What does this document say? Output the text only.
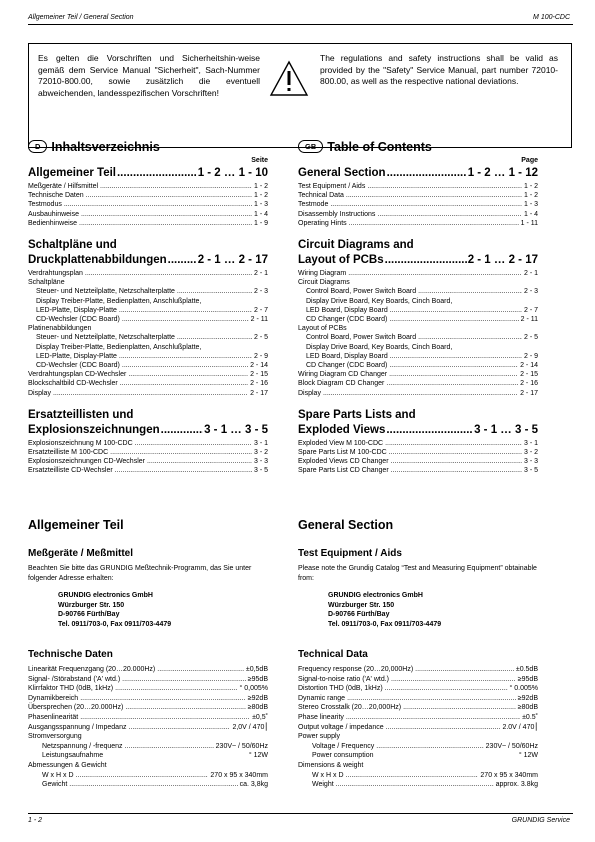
Allgemeiner Teil / General Section	M 100-CDC
Es gelten die Vorschriften und Sicherheitshin-weise gemäß dem Service Manual "Sicherheit", Sach-Nummer 72010-800.00, sowie zusätzlich die eventuell abweichenden, landesspezifischen Vorschriften!
The regulations and safety instructions shall be valid as provided by the "Safety" Service Manual, part number 72010-800.00, as well as the respective national deviations.
D Inhaltsverzeichnis
Seite
Allgemeiner Teil .....	1 - 2 … 1 - 10
Meßgeräte / Hilfsmittel .....	1 - 2
Technische Daten .....	1 - 2
Testmodus .....	1 - 3
Ausbauhinweise .....	1 - 4
Bedienhinweise .....	1 - 9
Schaltpläne und
Druckplattenabbildungen .....	2 - 1 … 2 - 17
Verdrahtungsplan .....	2 - 1
Schaltpläne
Steuer- und Netzteilplatte, Netzschalterplatte .....	2 - 3
Display Treiber-Platte, Bedienplatten, Anschlußplatte,
LED-Platte, Display-Platte .....	2 - 7
CD-Wechsler (CDC Board) .....	2 - 11
Platinenabbildungen
Steuer- und Netzteilplatte, Netzschalterplatte .....	2 - 5
Display Treiber-Platte, Bedienplatten, Anschlußplatte,
LED-Platte, Display-Platte .....	2 - 9
CD-Wechsler (CDC Board) .....	2 - 14
Verdrahtungsplan CD-Wechsler .....	2 - 15
Blockschaltbild CD-Wechsler .....	2 - 16
Display .....	2 - 17
Ersatzteillisten und
Explosionszeichnungen .....	3 - 1 … 3 - 5
Explosionszeichnung M 100-CDC .....	3 - 1
Ersatzteilliste M 100-CDC .....	3 - 2
Explosionszeichnungen CD-Wechsler .....	3 - 3
Ersatzteilliste CD-Wechsler .....	3 - 5
GB Table of Contents
Page
General Section .....	1 - 2 … 1 - 12
Test Equipment / Aids .....	1 - 2
Technical Data .....	1 - 2
Testmode .....	1 - 3
Disassembly Instructions .....	1 - 4
Operating Hints .....	1 - 11
Circuit Diagrams and
Layout of PCBs .....	2 - 1 … 2 - 17
Wiring Diagram .....	2 - 1
Circuit Diagrams
Control Board, Power Switch Board .....	2 - 3
Display Drive Board, Key Boards, Cinch Board,
LED Board, Display Board .....	2 - 7
CD Changer (CDC Board) .....	2 - 11
Layout of PCBs
Control Board, Power Switch Board .....	2 - 5
Display Drive Board, Key Boards, Cinch Board,
LED Board, Display Board .....	2 - 9
CD Changer (CDC Board) .....	2 - 14
Wiring Diagram CD Changer .....	2 - 15
Block Diagram CD Changer .....	2 - 16
Display .....	2 - 17
Spare Parts Lists and
Exploded Views .....	3 - 1 … 3 - 5
Exploded View M 100-CDC .....	3 - 1
Spare Parts List M 100-CDC .....	3 - 2
Exploded Views CD Changer .....	3 - 3
Spare Parts List CD Changer .....	3 - 5
Allgemeiner Teil
Meßgeräte / Meßmittel
Beachten Sie bitte das GRUNDIG Meßtechnik-Programm, das Sie unter folgender Adresse erhalten:
GRUNDIG electronics GmbH
Würzburger Str. 150
D-90766 Fürth/Bay
Tel. 0911/703-0, Fax 0911/703-4479
Technische Daten
Linearität Frequenzgang (20…20.000Hz) .....	±0,5dB
Signal- /Störabstand ('A' wtd.) .....	≥95dB
Klirrfaktor THD (0dB, 1kHz) .....	° 0,005%
Dynamikbereich .....	≥92dB
Übersprechen (20…20.000Hz) .....	≥80dB
Phasenlinearität .....	±0,5˚
Ausgangsspannung / Impedanz .....	2,0V / 470⎮
Stromversorgung
Netzspannung / -frequenz .....	230V~ / 50/60Hz
Leistungsaufnahme	° 12W
Abmessungen & Gewicht
W x H x D .....	270 x 95 x 340mm
Gewicht .....	ca. 3,8kg
General Section
Test Equipment / Aids
Please note the Grundig Catalog “Test and Measuring Equipment” obtainable from:
GRUNDIG electronics GmbH
Würzburger Str. 150
D-90766 Fürth/Bay
Tel. 0911/703-0, Fax 0911/703-4479
Technical Data
Frequency response (20…20,000Hz) .....	±0.5dB
Signal-to-noise ratio ('A' wtd.) .....	≥95dB
Distortion THD (0dB, 1kHz) .....	° 0.005%
Dynamic range .....	≥92dB
Stereo Crosstalk (20…20,000Hz) .....	≥80dB
Phase linearity .....	±0.5˚
Output voltage / impedance .....	2.0V / 470⎮
Power supply
Voltage / Frequency .....	230V~ / 50/60Hz
Power consumption	° 12W
Dimensions & weight
W x H x D .....	270 x 95 x 340mm
Weight .....	approx. 3.8kg
1 - 2	GRUNDIG Service
